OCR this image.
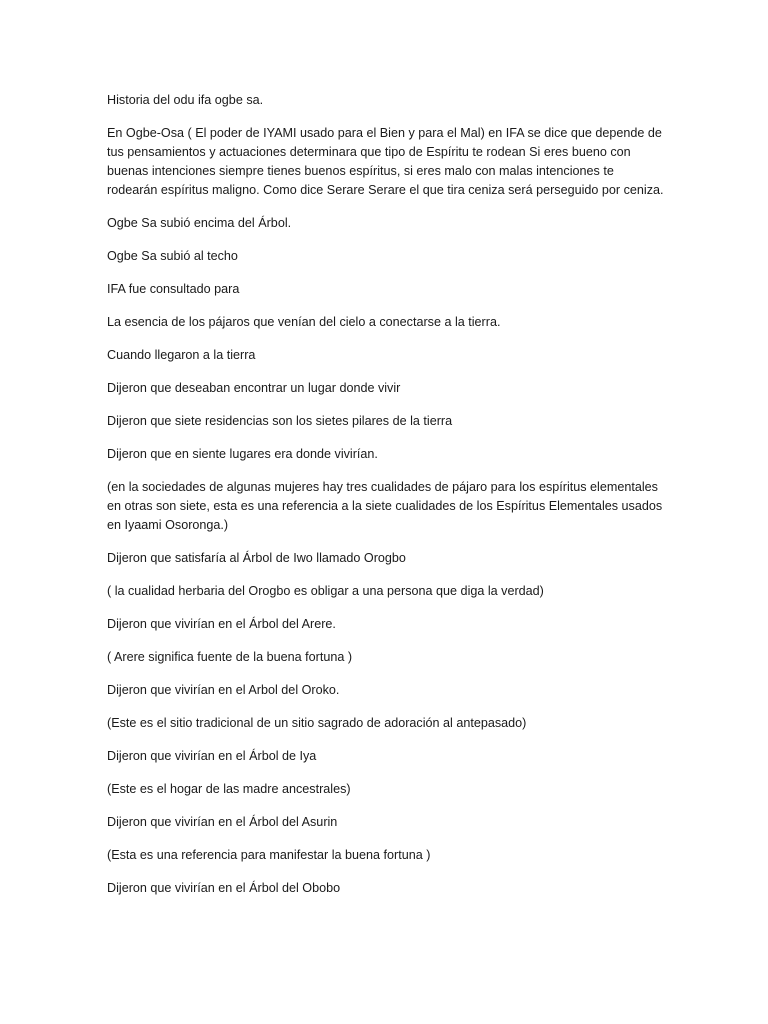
Historia del odu ifa ogbe sa.

En Ogbe-Osa ( El poder de IYAMI usado para el Bien y para el Mal) en IFA se dice que depende de tus pensamientos y actuaciones determinara que tipo de Espíritu te rodean Si eres bueno con buenas intenciones siempre tienes buenos espíritus, si eres malo con malas intenciones te rodearán espíritus maligno. Como dice Serare Serare el que tira ceniza será perseguido por ceniza.

Ogbe Sa subió encima del Árbol.

Ogbe Sa subió al techo

IFA fue consultado para

La esencia de los pájaros que venían del cielo a conectarse a la tierra.

Cuando llegaron a la tierra

Dijeron que deseaban encontrar un lugar donde vivir

Dijeron que siete residencias son los sietes pilares de la tierra

Dijeron que en siente lugares era donde vivirían.

(en la sociedades de algunas mujeres hay tres cualidades de pájaro para los espíritus elementales en otras son siete, esta es una referencia a la siete cualidades de los Espíritus Elementales usados en Iyaami Osoronga.)

Dijeron que satisfaría al Árbol de Iwo llamado Orogbo

( la cualidad herbaria del Orogbo es obligar a una persona que diga la verdad)

Dijeron que vivirían en el Árbol del Arere.

( Arere significa fuente de la buena fortuna )

Dijeron que vivirían en el Arbol del Oroko.

(Este es el sitio tradicional de un sitio sagrado de adoración al antepasado)

Dijeron que vivirían en el Árbol de Iya

(Este es el hogar de las madre ancestrales)

Dijeron que vivirían en el Árbol del Asurin

(Esta es una referencia para manifestar la buena fortuna )

Dijeron que vivirían en el Árbol del Obobo
